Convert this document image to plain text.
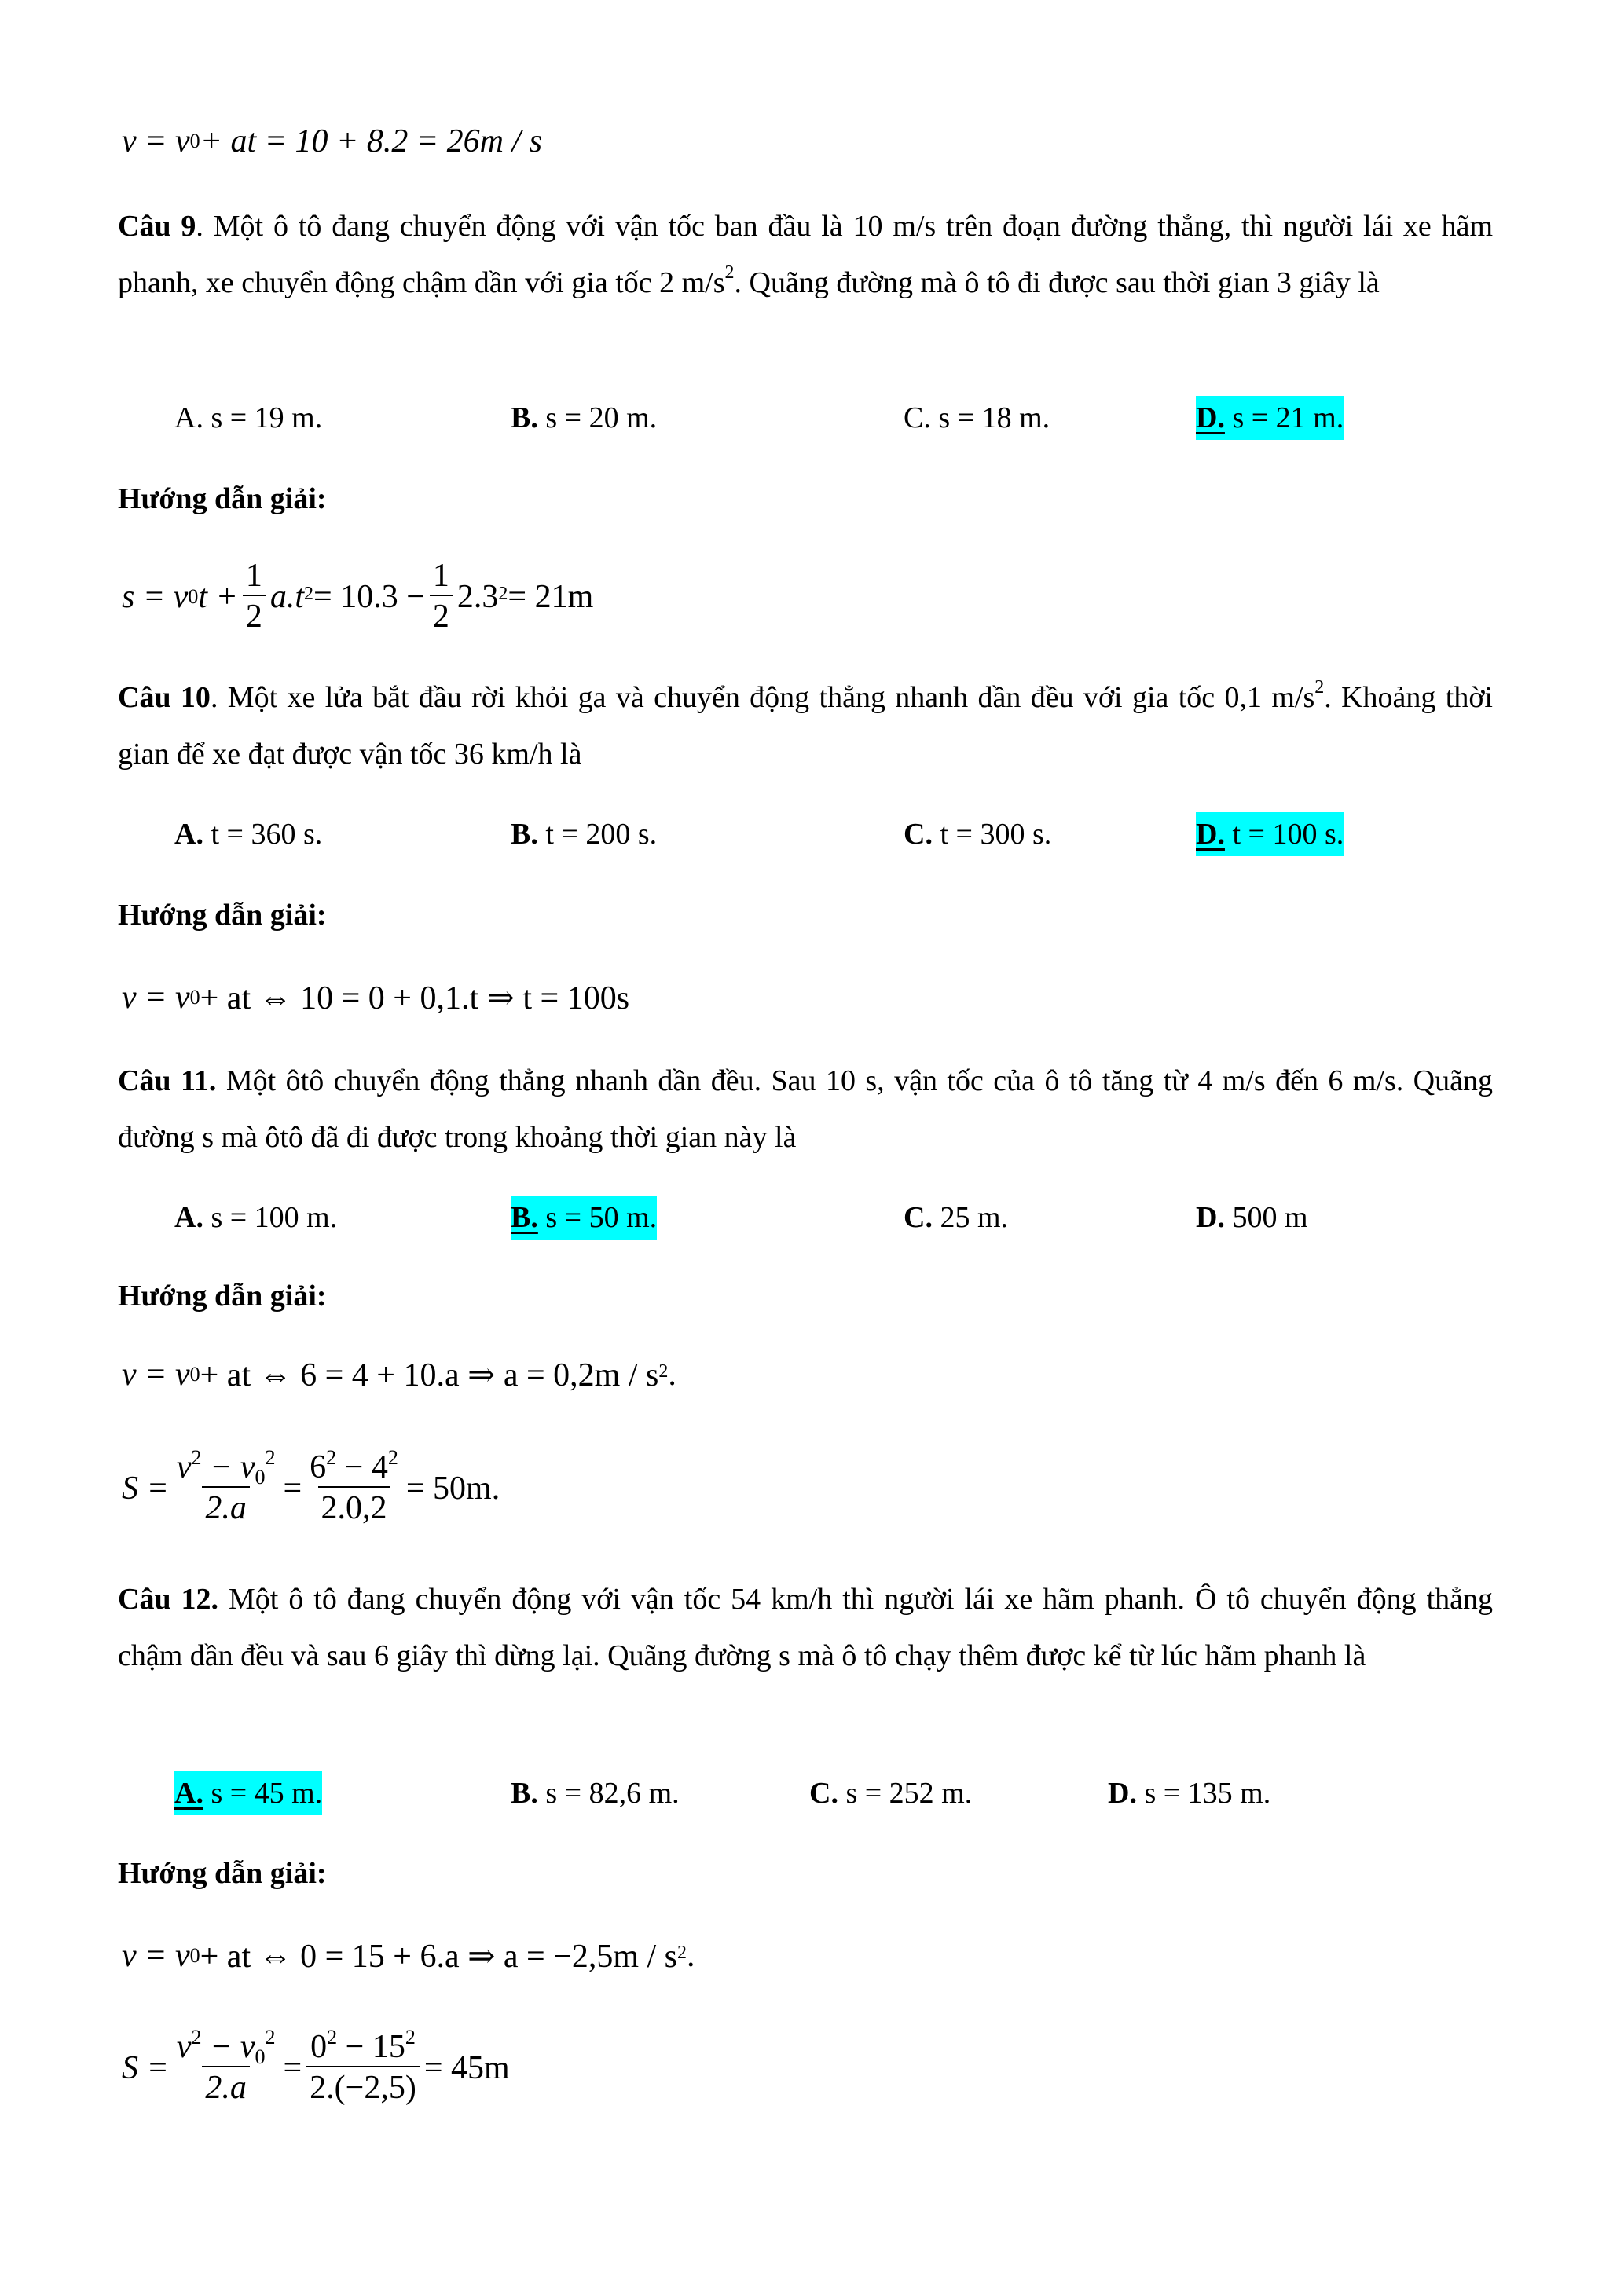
v = v 0 + at = 10 + 8.2 = 26m / s
Câu 9. Một ô tô đang chuyển động với vận tốc ban đầu là 10 m/s trên đoạn đường thẳng, thì người lái xe hãm phanh, xe chuyển động chậm dần với gia tốc 2 $m/s^2$. Quãng đường mà ô tô đi được sau thời gian 3 giây là
A. s = 19 m.	B. s = 20 m.	C. s = 18 m.	D. s = 21 m.
Hướng dẫn giải:
s = v 0 $t + \frac{1}{2} a.t^2 = 10.3 - \frac{1}{2} 2.3^2 = 21m$
Câu 10. Một xe lửa bắt đầu rời khỏi ga và chuyển động thẳng nhanh dần đều với gia tốc 0,1 $m/s^2$. Khoảng thời gian để xe đạt được vận tốc 36 km/h là
A. t = 360 s.	B. t = 200 s.	C. t = 300 s.	D. t = 100 s.
Hướng dẫn giải:
v = v 0 + at ⇔ 10 = 0 + 0,1.t ⇒ t = 100s
Câu 11. Một ôtô chuyển động thẳng nhanh dần đều. Sau 10 s, vận tốc của ô tô tăng từ 4 m/s đến 6 m/s. Quãng đường s mà ôtô đã đi được trong khoảng thời gian này là
A. s = 100 m.	B. s = 50 m.	C. 25 m.	D. 500 m
Hướng dẫn giải:
v = v 0 + at ⇔ 6 = 4 + 10.a ⇒ $a = 0,2m / s^2$ .
$S = \frac{v^2 - v_0^2}{2.a} = \frac{6^2 - 4^2}{2.0,2} = 50m$.
Câu 12. Một ô tô đang chuyển động với vận tốc 54 km/h thì người lái xe hãm phanh. Ô tô chuyển động thẳng chậm dần đều và sau 6 giây thì dừng lại. Quãng đường s mà ô tô chạy thêm được kể từ lúc hãm phanh là
A. s = 45 m.	B. s = 82,6 m.	C. s = 252 m.	D. s = 135 m.
Hướng dẫn giải:
v = v 0 + at ⇔ 0 = 15 + 6.a ⇒ $a = -2,5m / s^2$ .
$S = \frac{v^2 - v_0^2}{2.a} = \frac{0^2 - 15^2}{2.(-2,5)} = 45m$
